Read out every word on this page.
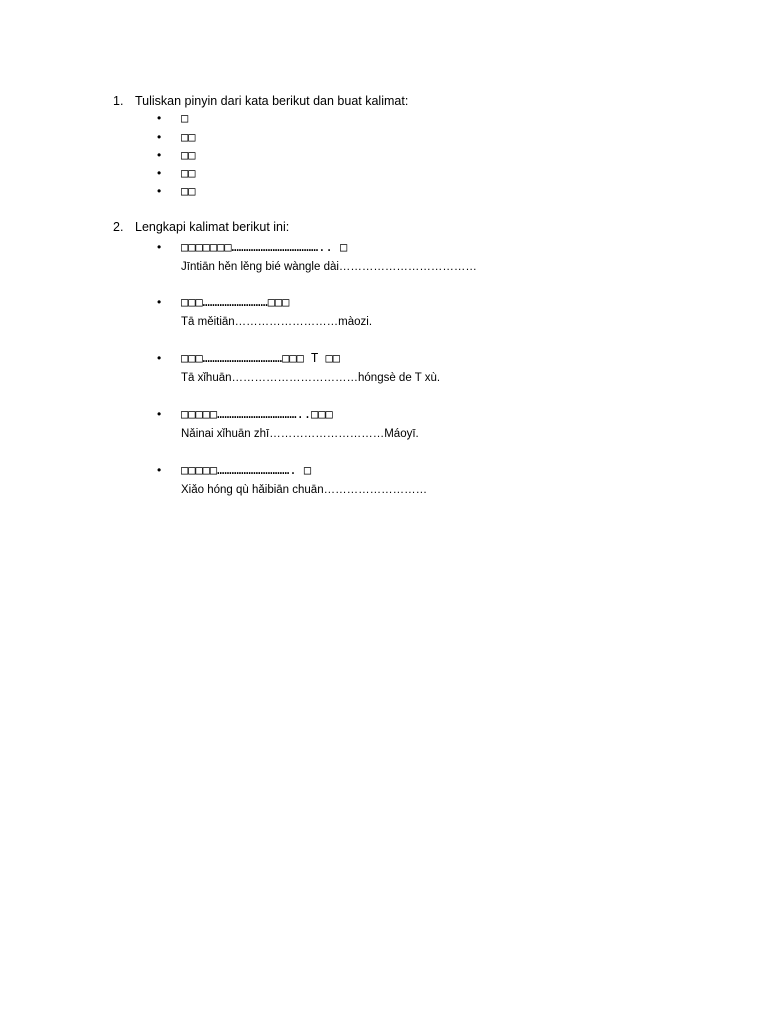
1. Tuliskan pinyin dari kata berikut dan buat kalimat:
• □
• □□
• □□
• □□
• □□
2. Lengkapi kalimat berikut ini:
• □□□□□□□……………………………….. □
Jīntiān hěn lěng bié wàngle dài………………………………
• □□□………………………□□□
Tā měitiān………………………màozi.
• □□□……………………………□□□ T □□
Tā xǐhuān……………………………hóngsè de T xù.
• □□□□□……………………………..□□□
Nǎinai xǐhuān zhī…………………………Máoyī.
• □□□□□…………………………. □
Xiǎo hóng qù hǎibiān chuān………………………
